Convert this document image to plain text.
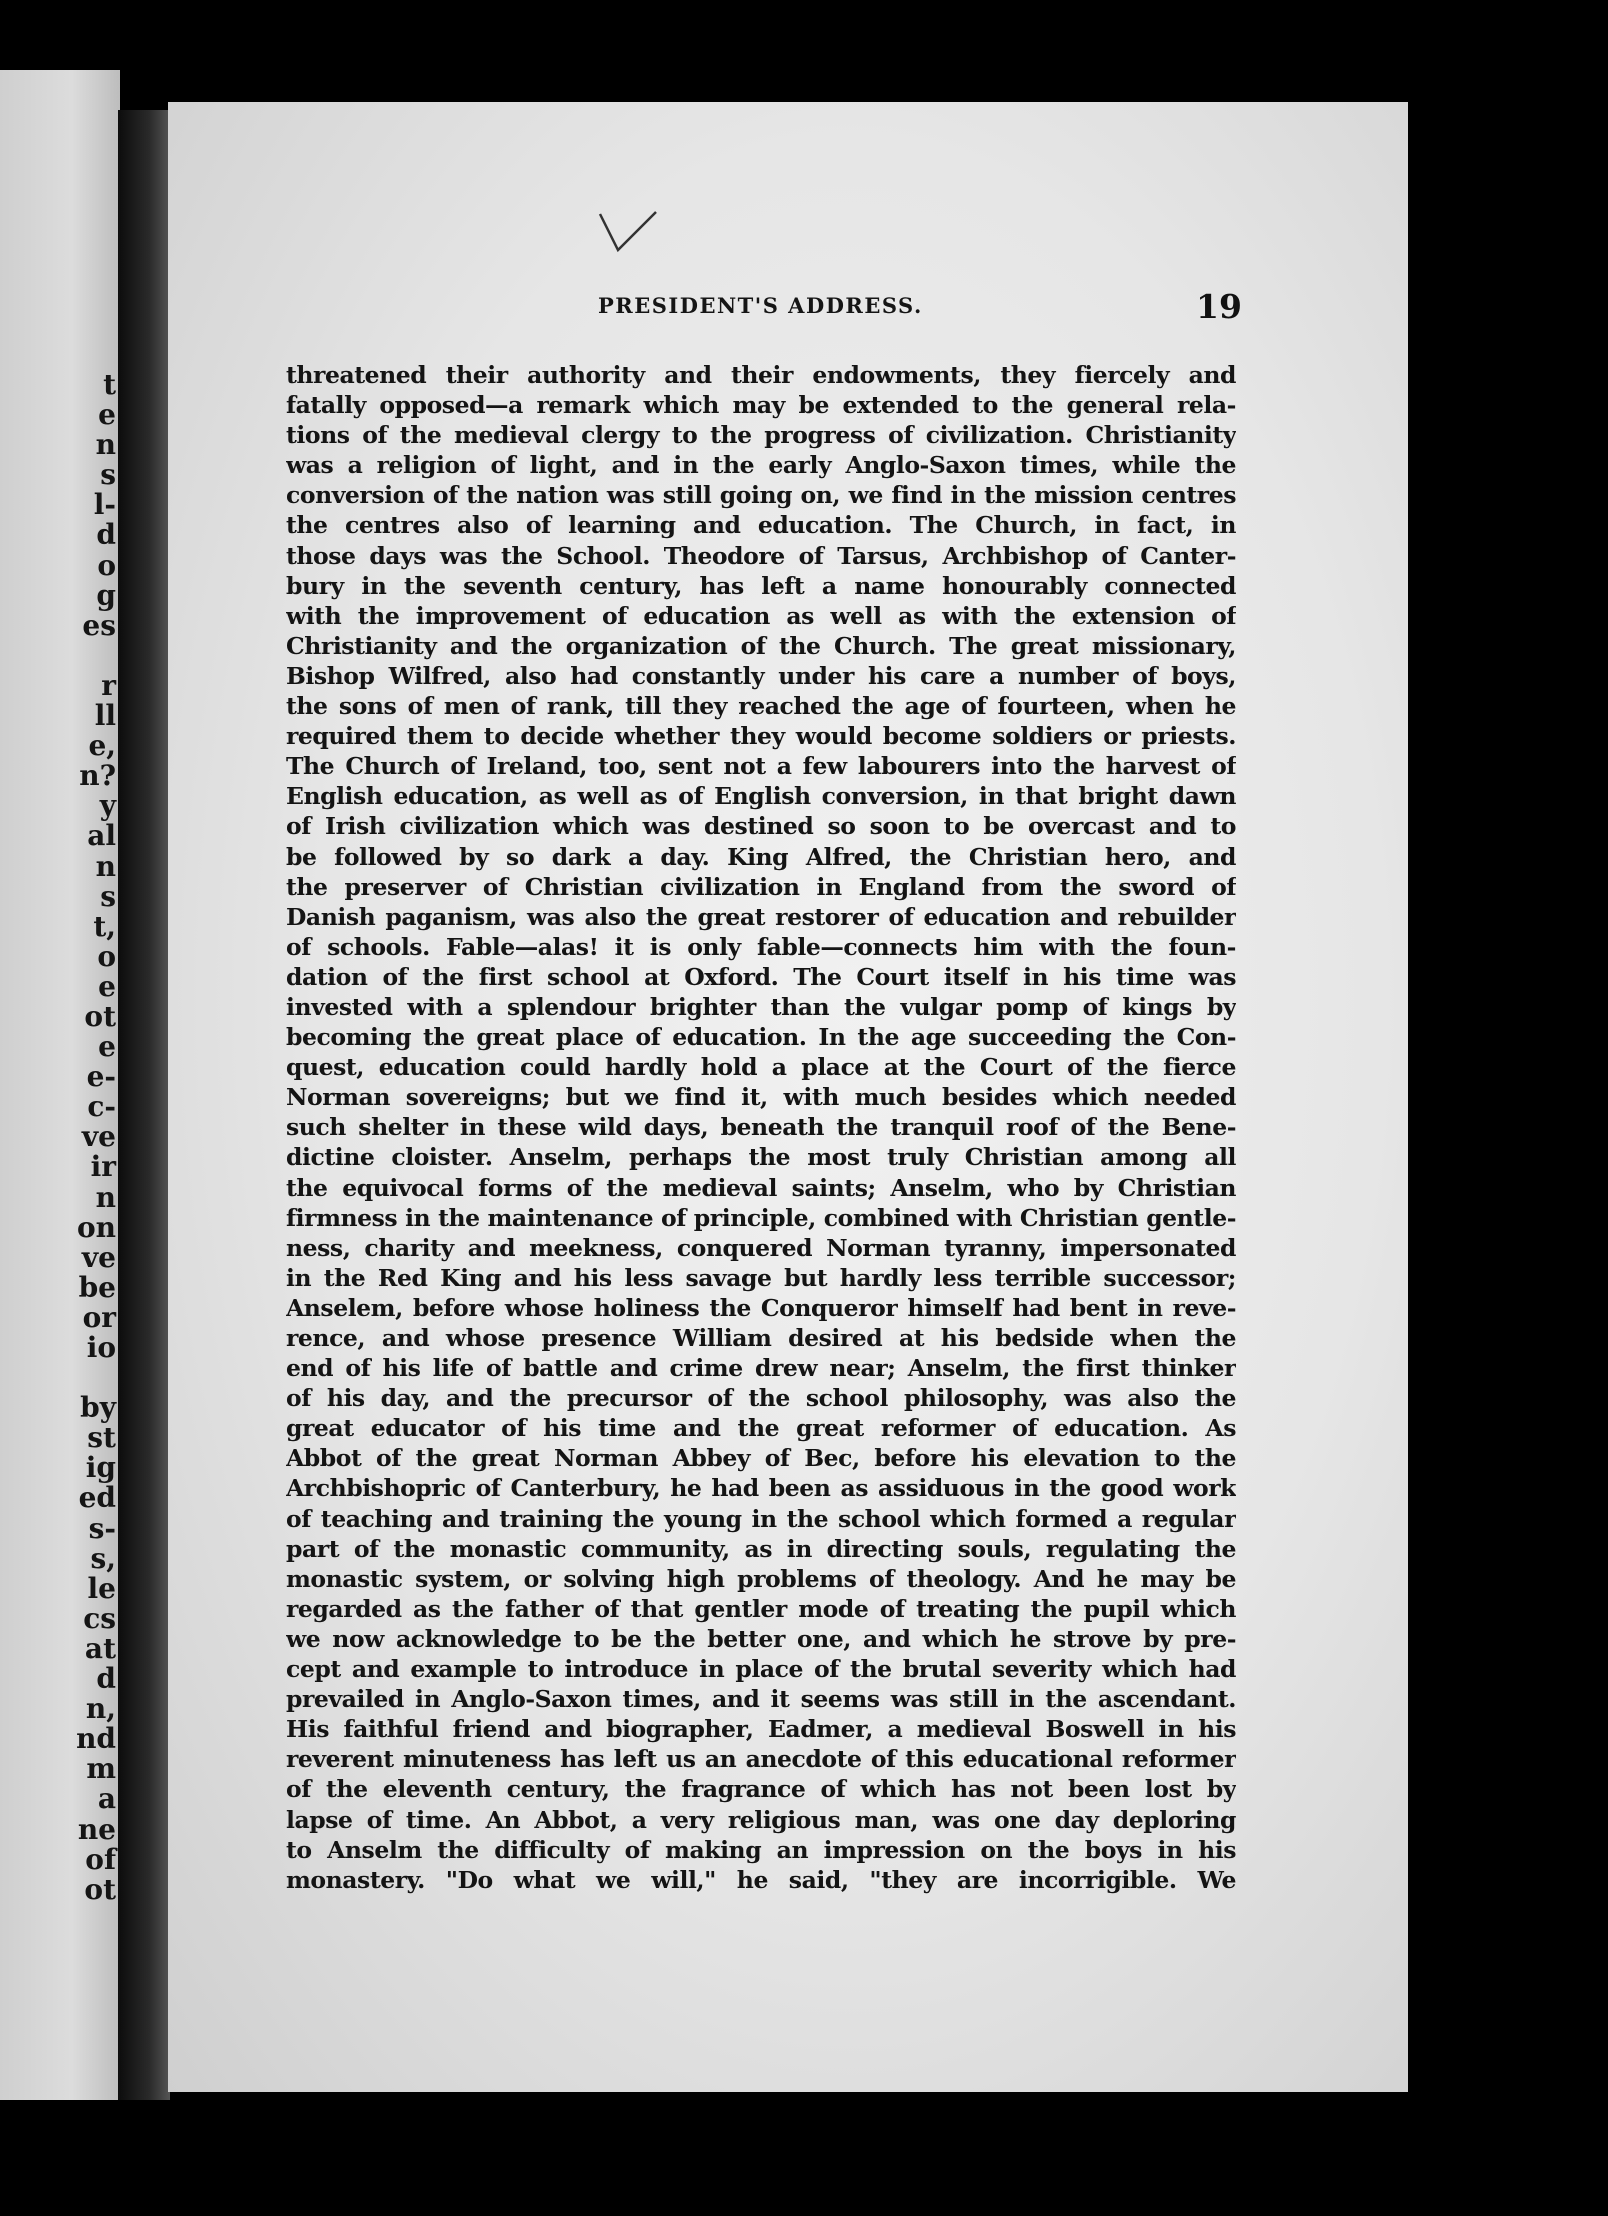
t
e
n
s
l-
d
o
g
es
r
ll
e,
n?
y
al
n
s
t,
o
e
ot
e
e-
c-
ve
ir
n
on
ve
be
or
io
by
st
ig
ed
s-
s,
le
cs
at
d
n,
nd
m
a
ne
of
ot
PRESIDENT'S ADDRESS.	19
threatened their authority and their endowments, they fiercely and
fatally opposed—a remark which may be extended to the general rela-
tions of the medieval clergy to the progress of civilization. Christianity
was a religion of light, and in the early Anglo-Saxon times, while the
conversion of the nation was still going on, we find in the mission centres
the centres also of learning and education. The Church, in fact, in
those days was the School. Theodore of Tarsus, Archbishop of Canter-
bury in the seventh century, has left a name honourably connected
with the improvement of education as well as with the extension of
Christianity and the organization of the Church. The great missionary,
Bishop Wilfred, also had constantly under his care a number of boys,
the sons of men of rank, till they reached the age of fourteen, when he
required them to decide whether they would become soldiers or priests.
The Church of Ireland, too, sent not a few labourers into the harvest of
English education, as well as of English conversion, in that bright dawn
of Irish civilization which was destined so soon to be overcast and to
be followed by so dark a day. King Alfred, the Christian hero, and
the preserver of Christian civilization in England from the sword of
Danish paganism, was also the great restorer of education and rebuilder
of schools. Fable—alas! it is only fable—connects him with the foun-
dation of the first school at Oxford. The Court itself in his time was
invested with a splendour brighter than the vulgar pomp of kings by
becoming the great place of education. In the age succeeding the Con-
quest, education could hardly hold a place at the Court of the fierce
Norman sovereigns; but we find it, with much besides which needed
such shelter in these wild days, beneath the tranquil roof of the Bene-
dictine cloister. Anselm, perhaps the most truly Christian among all
the equivocal forms of the medieval saints; Anselm, who by Christian
firmness in the maintenance of principle, combined with Christian gentle-
ness, charity and meekness, conquered Norman tyranny, impersonated
in the Red King and his less savage but hardly less terrible successor;
Anselem, before whose holiness the Conqueror himself had bent in reve-
rence, and whose presence William desired at his bedside when the
end of his life of battle and crime drew near; Anselm, the first thinker
of his day, and the precursor of the school philosophy, was also the
great educator of his time and the great reformer of education. As
Abbot of the great Norman Abbey of Bec, before his elevation to the
Archbishopric of Canterbury, he had been as assiduous in the good work
of teaching and training the young in the school which formed a regular
part of the monastic community, as in directing souls, regulating the
monastic system, or solving high problems of theology. And he may be
regarded as the father of that gentler mode of treating the pupil which
we now acknowledge to be the better one, and which he strove by pre-
cept and example to introduce in place of the brutal severity which had
prevailed in Anglo-Saxon times, and it seems was still in the ascendant.
His faithful friend and biographer, Eadmer, a medieval Boswell in his
reverent minuteness has left us an anecdote of this educational reformer
of the eleventh century, the fragrance of which has not been lost by
lapse of time. An Abbot, a very religious man, was one day deploring
to Anselm the difficulty of making an impression on the boys in his
monastery. "Do what we will," he said, "they are incorrigible. We
